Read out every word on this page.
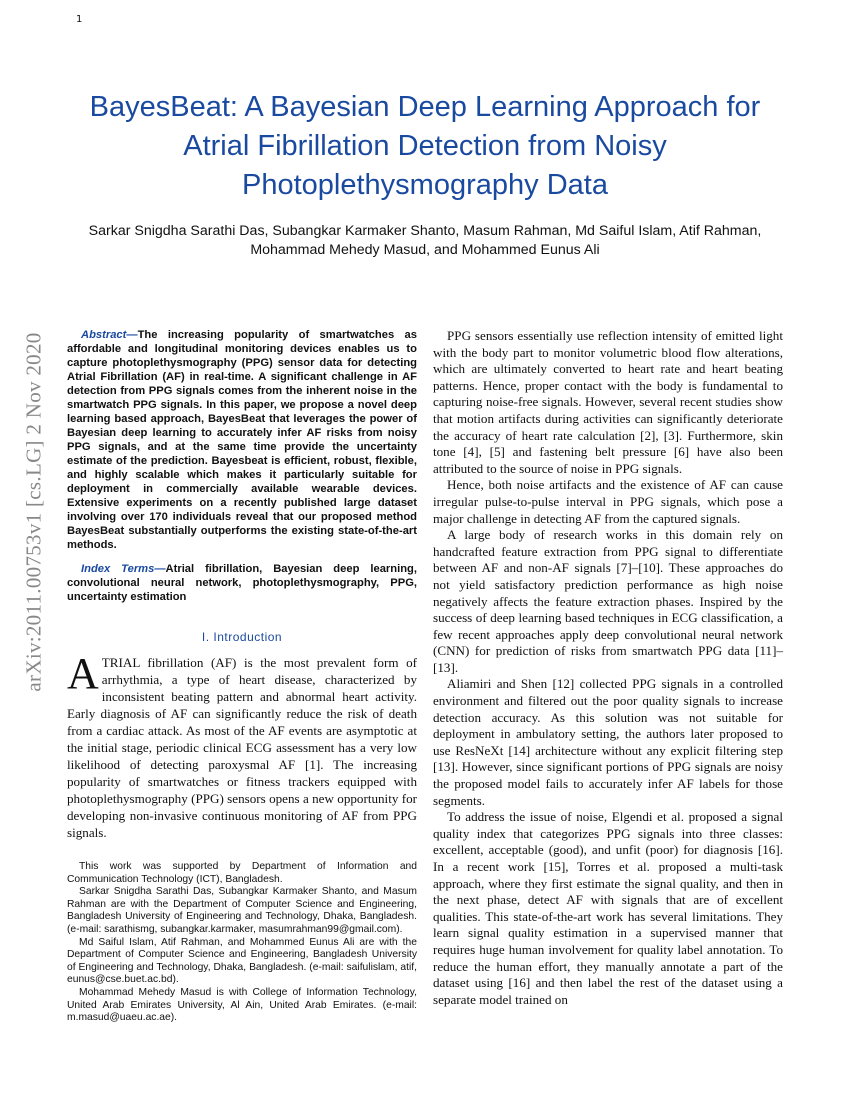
1
arXiv:2011.00753v1 [cs.LG] 2 Nov 2020
BayesBeat: A Bayesian Deep Learning Approach for Atrial Fibrillation Detection from Noisy Photoplethysmography Data
Sarkar Snigdha Sarathi Das, Subangkar Karmaker Shanto, Masum Rahman, Md Saiful Islam, Atif Rahman, Mohammad Mehedy Masud, and Mohammed Eunus Ali

Abstract—The increasing popularity of smartwatches as affordable and longitudinal monitoring devices enables us to capture photoplethysmography (PPG) sensor data for detecting Atrial Fibrillation (AF) in real-time. A significant challenge in AF detection from PPG signals comes from the inherent noise in the smartwatch PPG signals. In this paper, we propose a novel deep learning based approach, BayesBeat that leverages the power of Bayesian deep learning to accurately infer AF risks from noisy PPG signals, and at the same time provide the uncertainty estimate of the prediction. Bayesbeat is efficient, robust, flexible, and highly scalable which makes it particularly suitable for deployment in commercially available wearable devices. Extensive experiments on a recently published large dataset involving over 170 individuals reveal that our proposed method BayesBeat substantially outperforms the existing state-of-the-art methods.

Index Terms—Atrial fibrillation, Bayesian deep learning, convolutional neural network, photoplethysmography, PPG, uncertainty estimation

I. Introduction

ATRIAL fibrillation (AF) is the most prevalent form of arrhythmia, a type of heart disease, characterized by inconsistent beating pattern and abnormal heart activity. Early diagnosis of AF can significantly reduce the risk of death from a cardiac attack. As most of the AF events are asymptotic at the initial stage, periodic clinical ECG assessment has a very low likelihood of detecting paroxysmal AF [1]. The increasing popularity of smartwatches or fitness trackers equipped with photoplethysmography (PPG) sensors opens a new opportunity for developing non-invasive continuous monitoring of AF from PPG signals.

This work was supported by Department of Information and Communication Technology (ICT), Bangladesh.

Sarkar Snigdha Sarathi Das, Subangkar Karmaker Shanto, and Masum Rahman are with the Department of Computer Science and Engineering, Bangladesh University of Engineering and Technology, Dhaka, Bangladesh. (e-mail: sarathismg, subangkar.karmaker, masumrahman99@gmail.com).

Md Saiful Islam, Atif Rahman, and Mohammed Eunus Ali are with the Department of Computer Science and Engineering, Bangladesh University of Engineering and Technology, Dhaka, Bangladesh. (e-mail: saifulislam, atif, eunus@cse.buet.ac.bd).

Mohammad Mehedy Masud is with College of Information Technology, United Arab Emirates University, Al Ain, United Arab Emirates. (e-mail: m.masud@uaeu.ac.ae).

PPG sensors essentially use reflection intensity of emitted light with the body part to monitor volumetric blood flow alterations, which are ultimately converted to heart rate and heart beating patterns. Hence, proper contact with the body is fundamental to capturing noise-free signals. However, several recent studies show that motion artifacts during activities can significantly deteriorate the accuracy of heart rate calculation [2], [3]. Furthermore, skin tone [4], [5] and fastening belt pressure [6] have also been attributed to the source of noise in PPG signals.

Hence, both noise artifacts and the existence of AF can cause irregular pulse-to-pulse interval in PPG signals, which pose a major challenge in detecting AF from the captured signals.

A large body of research works in this domain rely on handcrafted feature extraction from PPG signal to differentiate between AF and non-AF signals [7]–[10]. These approaches do not yield satisfactory prediction performance as high noise negatively affects the feature extraction phases. Inspired by the success of deep learning based techniques in ECG classification, a few recent approaches apply deep convolutional neural network (CNN) for prediction of risks from smartwatch PPG data [11]–[13].

Aliamiri and Shen [12] collected PPG signals in a controlled environment and filtered out the poor quality signals to increase detection accuracy. As this solution was not suitable for deployment in ambulatory setting, the authors later proposed to use ResNeXt [14] architecture without any explicit filtering step [13]. However, since significant portions of PPG signals are noisy the proposed model fails to accurately infer AF labels for those segments.

To address the issue of noise, Elgendi et al. proposed a signal quality index that categorizes PPG signals into three classes: excellent, acceptable (good), and unfit (poor) for diagnosis [16]. In a recent work [15], Torres et al. proposed a multi-task approach, where they first estimate the signal quality, and then in the next phase, detect AF with signals that are of excellent qualities. This state-of-the-art work has several limitations. They learn signal quality estimation in a supervised manner that requires huge human involvement for quality label annotation. To reduce the human effort, they manually annotate a part of the dataset using [16] and then label the rest of the dataset using a separate model trained on
